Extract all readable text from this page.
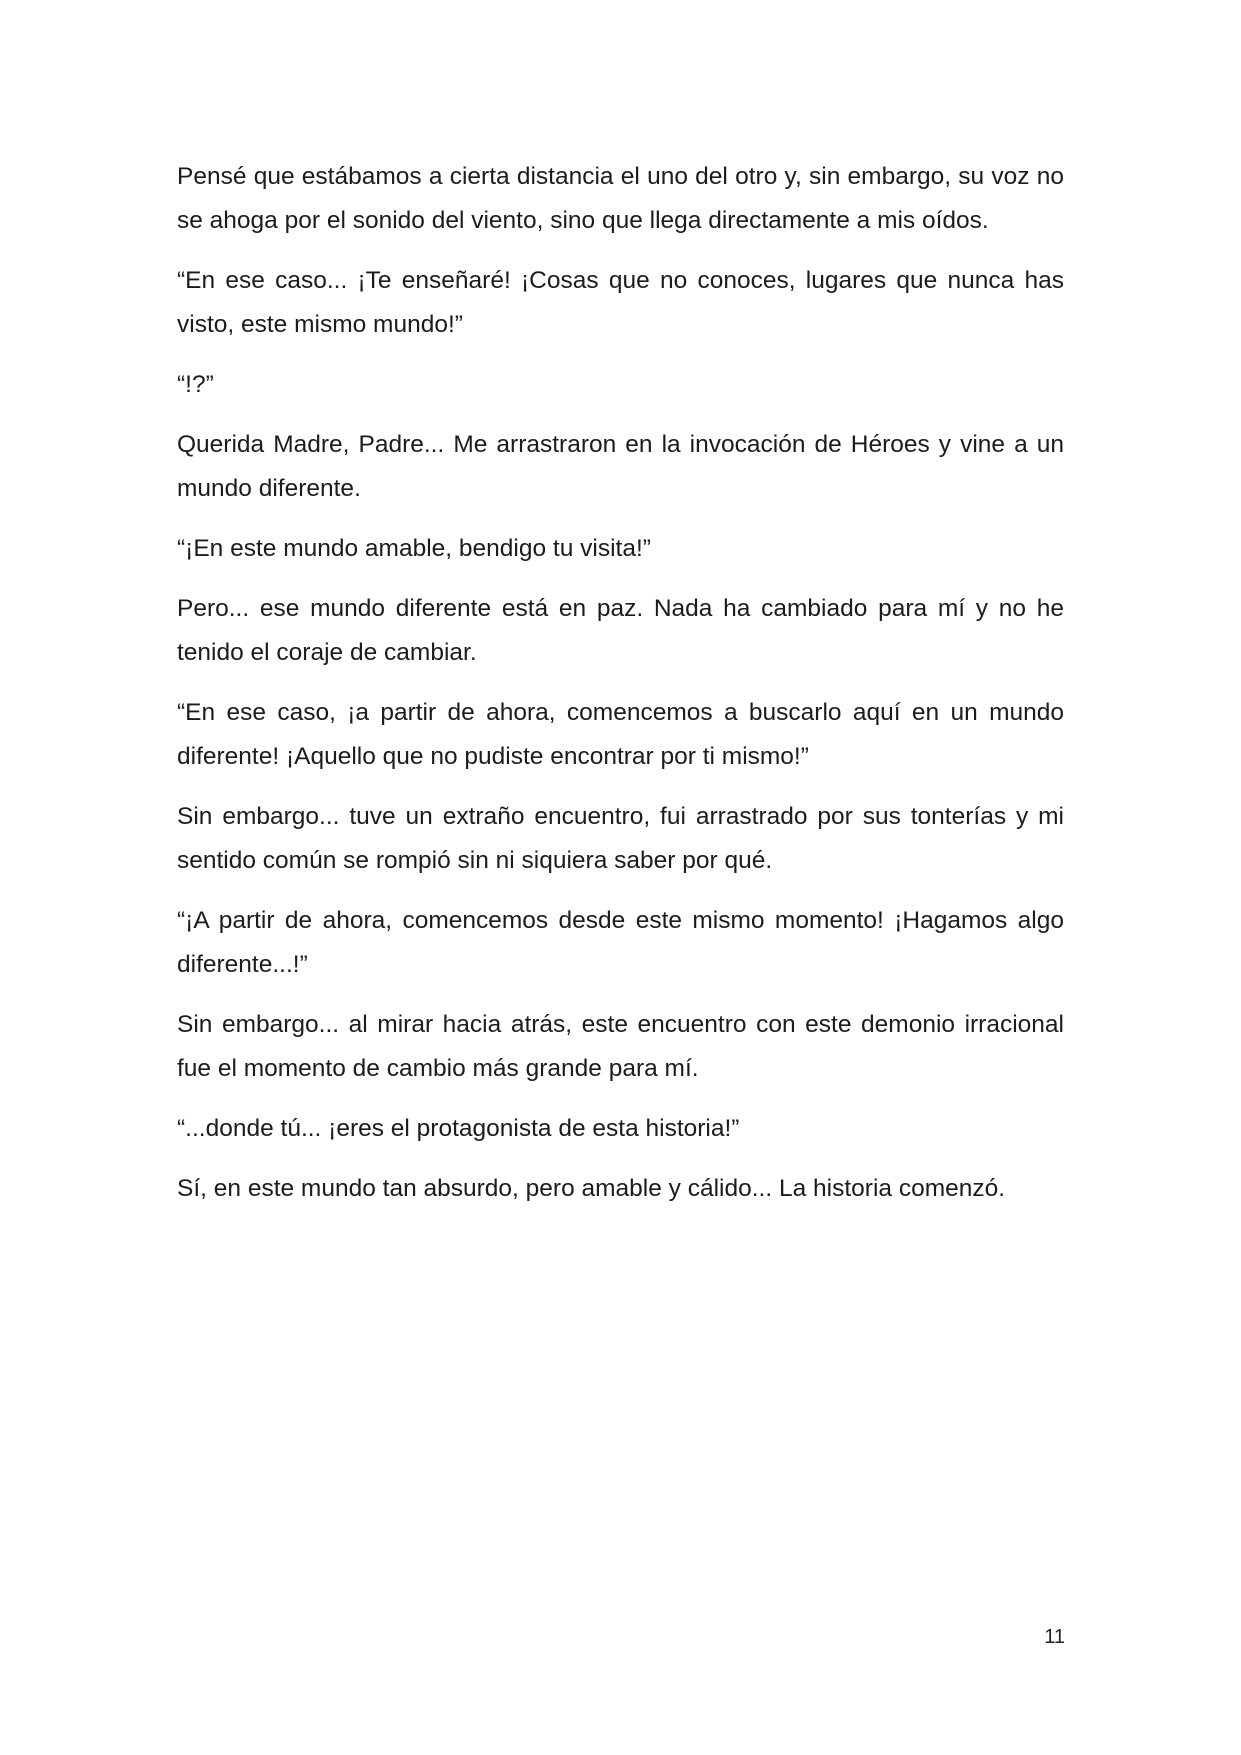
Pensé que estábamos a cierta distancia el uno del otro y, sin embargo, su voz no se ahoga por el sonido del viento, sino que llega directamente a mis oídos.

“En ese caso... ¡Te enseñaré! ¡Cosas que no conoces, lugares que nunca has visto, este mismo mundo!”

“!?”

Querida Madre, Padre... Me arrastraron en la invocación de Héroes y vine a un mundo diferente.

“¡En este mundo amable, bendigo tu visita!”

Pero... ese mundo diferente está en paz. Nada ha cambiado para mí y no he tenido el coraje de cambiar.

“En ese caso, ¡a partir de ahora, comencemos a buscarlo aquí en un mundo diferente! ¡Aquello que no pudiste encontrar por ti mismo!”

Sin embargo... tuve un extraño encuentro, fui arrastrado por sus tonterías y mi sentido común se rompió sin ni siquiera saber por qué.

“¡A partir de ahora, comencemos desde este mismo momento! ¡Hagamos algo diferente...!”

Sin embargo... al mirar hacia atrás, este encuentro con este demonio irracional fue el momento de cambio más grande para mí.

“...donde tú... ¡eres el protagonista de esta historia!”

Sí, en este mundo tan absurdo, pero amable y cálido... La historia comenzó.

11
